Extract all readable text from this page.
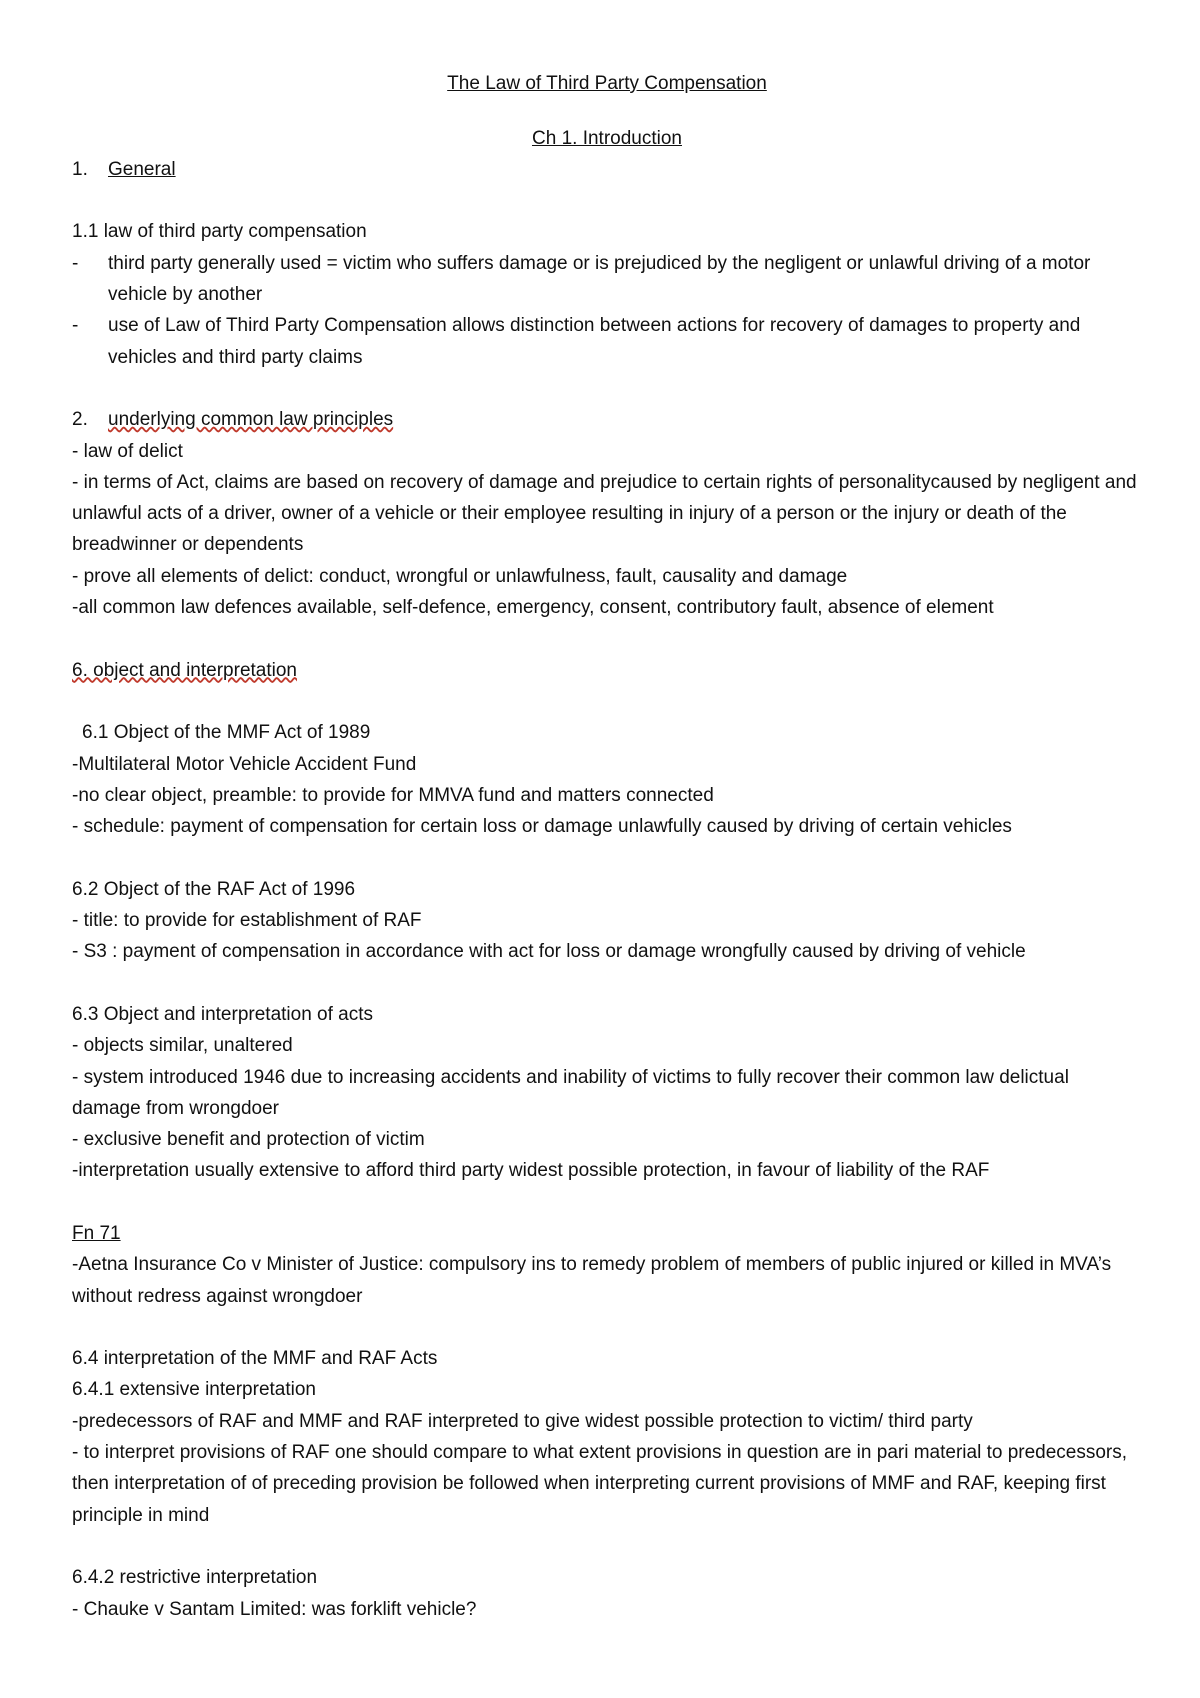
The Law of Third Party Compensation

Ch 1. Introduction

1.	General

1.1 law of third party compensation

-	third party generally used = victim who suffers damage or is prejudiced by the negligent or unlawful driving of a motor vehicle by another
-	use of Law of Third Party Compensation allows distinction between actions for recovery of damages to property and vehicles and third party claims
2.	underlying common law principles

- law of delict

- in terms of Act, claims are based on recovery of damage and prejudice to certain rights of personalitycaused by negligent and unlawful acts of a driver, owner of a vehicle or their employee resulting in injury of a person or the injury or death of the breadwinner or dependents

- prove all elements of delict: conduct, wrongful or unlawfulness, fault, causality and damage

-all common law defences available, self-defence, emergency, consent, contributory fault, absence of element

6. object and interpretation

6.1 Object of the MMF Act of 1989

-Multilateral Motor Vehicle Accident Fund

-no clear object, preamble: to provide for MMVA fund and matters connected

- schedule: payment of compensation for certain loss or damage unlawfully caused by driving of certain vehicles

6.2 Object of the RAF Act of 1996

- title: to provide for establishment of RAF

- S3 : payment of compensation in accordance with act for loss or damage wrongfully caused by driving of vehicle

6.3 Object and interpretation of acts

- objects similar, unaltered

- system introduced 1946 due to increasing accidents and inability of victims to fully recover their common law delictual damage from wrongdoer

- exclusive benefit and protection of victim

-interpretation usually extensive to afford third party widest possible protection, in favour of liability of the RAF

Fn 71

-Aetna Insurance Co v Minister of Justice: compulsory ins to remedy problem of members of public injured or killed in MVA’s without redress against wrongdoer

6.4 interpretation of the MMF and RAF Acts

6.4.1 extensive interpretation

-predecessors of RAF and MMF and RAF interpreted to give widest possible protection to victim/ third party

- to interpret provisions of RAF one should compare to what extent provisions in question are in pari material to predecessors, then interpretation of of preceding provision be followed when interpreting current provisions of MMF and RAF, keeping first principle in mind

6.4.2 restrictive interpretation

- Chauke v Santam Limited: was forklift vehicle?
